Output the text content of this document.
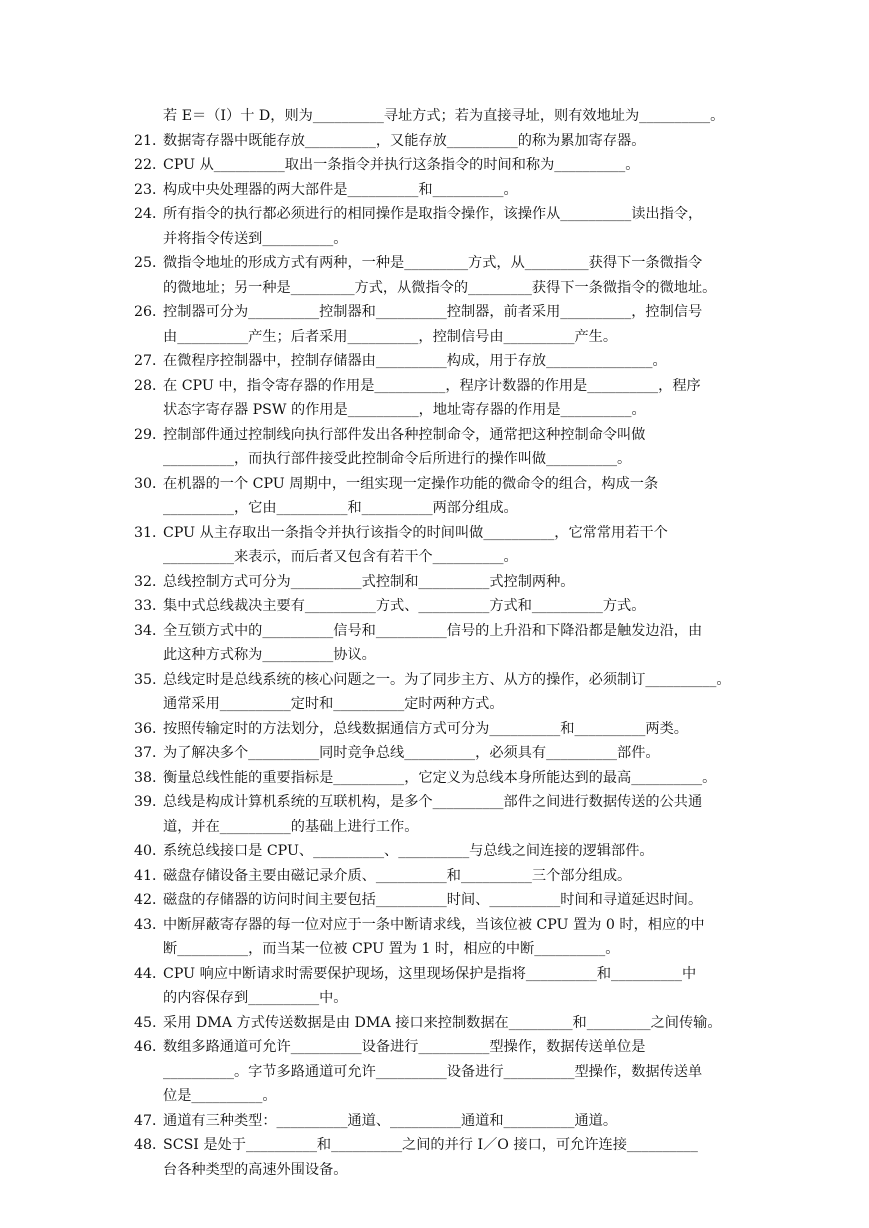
若 E＝（I）十 D，则为__________寻址方式；若为直接寻址，则有效地址为__________。
21．
数据寄存器中既能存放__________，又能存放__________的称为累加寄存器。
22．
CPU 从__________取出一条指令并执行这条指令的时间和称为__________。
23．
构成中央处理器的两大部件是__________和__________。
24．
所有指令的执行都必须进行的相同操作是取指令操作，该操作从__________读出指令，
并将指令传送到__________。
25．
微指令地址的形成方式有两种，一种是_________方式，从_________获得下一条微指令
的微地址；另一种是_________方式，从微指令的_________获得下一条微指令的微地址。
26．
控制器可分为__________控制器和__________控制器，前者采用__________，控制信号
由__________产生；后者采用__________，控制信号由__________产生。
27．
在微程序控制器中，控制存储器由__________构成，用于存放_______________。
28．
在 CPU 中，指令寄存器的作用是__________，程序计数器的作用是__________，程序
状态字寄存器 PSW 的作用是__________，地址寄存器的作用是__________。
29．
控制部件通过控制线向执行部件发出各种控制命令，通常把这种控制命令叫做
__________，而执行部件接受此控制命令后所进行的操作叫做__________。
30．
在机器的一个 CPU 周期中，一组实现一定操作功能的微命令的组合，构成一条
__________，它由__________和__________两部分组成。
31．
CPU 从主存取出一条指令并执行该指令的时间叫做__________，它常常用若干个
__________来表示，而后者又包含有若干个__________。
32．
总线控制方式可分为__________式控制和__________式控制两种。
33．
集中式总线裁决主要有__________方式、__________方式和__________方式。
34．
全互锁方式中的__________信号和__________信号的上升沿和下降沿都是触发边沿，由
此这种方式称为__________协议。
35. 总线定时是总线系统的核心问题之一。为了同步主方、从方的操作，必须制订__________。
通常采用__________定时和__________定时两种方式。
36．
按照传输定时的方法划分，总线数据通信方式可分为__________和__________两类。
37．
为了解决多个__________同时竞争总线__________，必须具有__________部件。
38. 衡量总线性能的重要指标是__________，它定义为总线本身所能达到的最高__________。
39．
总线是构成计算机系统的互联机构，是多个__________部件之间进行数据传送的公共通
道，并在__________的基础上进行工作。
40．
系统总线接口是 CPU、__________、__________与总线之间连接的逻辑部件。
41．
磁盘存储设备主要由磁记录介质、__________和__________三个部分组成。
42．
磁盘的存储器的访问时间主要包括__________时间、__________时间和寻道延迟时间。
43．
中断屏蔽寄存器的每一位对应于一条中断请求线，当该位被 CPU 置为 0 时，相应的中
断__________，而当某一位被 CPU 置为 1 时，相应的中断__________。
44．
CPU 响应中断请求时需要保护现场，这里现场保护是指将__________和__________中
的内容保存到__________中。
45. 采用 DMA 方式传送数据是由 DMA 接口来控制数据在_________和_________之间传输。
46．
数组多路通道可允许__________设备进行__________型操作，数据传送单位是
__________。字节多路通道可允许__________设备进行__________型操作，数据传送单
位是__________。
47．
通道有三种类型：__________通道、__________通道和__________通道。
48．
SCSI 是处于__________和__________之间的并行 I／O 接口，可允许连接__________
台各种类型的高速外围设备。
